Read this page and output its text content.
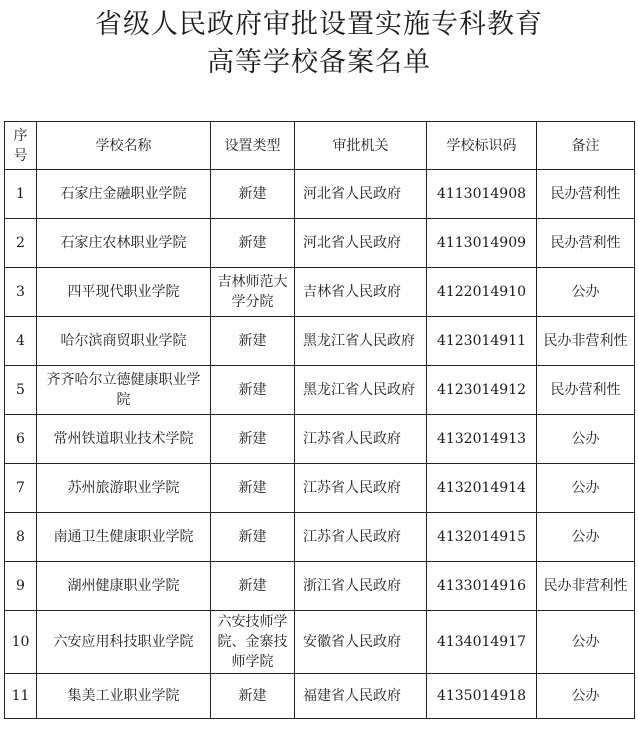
省级人民政府审批设置实施专科教育
高等学校备案名单
序号	学校名称	设置类型	审批机关	学校标识码	备注
1	石家庄金融职业学院	新建	河北省人民政府	4113014908	民办营利性
2	石家庄农林职业学院	新建	河北省人民政府	4113014909	民办营利性
3	四平现代职业学院	吉林师范大学分院	吉林省人民政府	4122014910	公办
4	哈尔滨商贸职业学院	新建	黑龙江省人民政府	4123014911	民办非营利性
5	齐齐哈尔立德健康职业学院	新建	黑龙江省人民政府	4123014912	民办营利性
6	常州铁道职业技术学院	新建	江苏省人民政府	4132014913	公办
7	苏州旅游职业学院	新建	江苏省人民政府	4132014914	公办
8	南通卫生健康职业学院	新建	江苏省人民政府	4132014915	公办
9	湖州健康职业学院	新建	浙江省人民政府	4133014916	民办非营利性
10	六安应用科技职业学院	六安技师学院、金寨技师学院	安徽省人民政府	4134014917	公办
11	集美工业职业学院	新建	福建省人民政府	4135014918	公办
